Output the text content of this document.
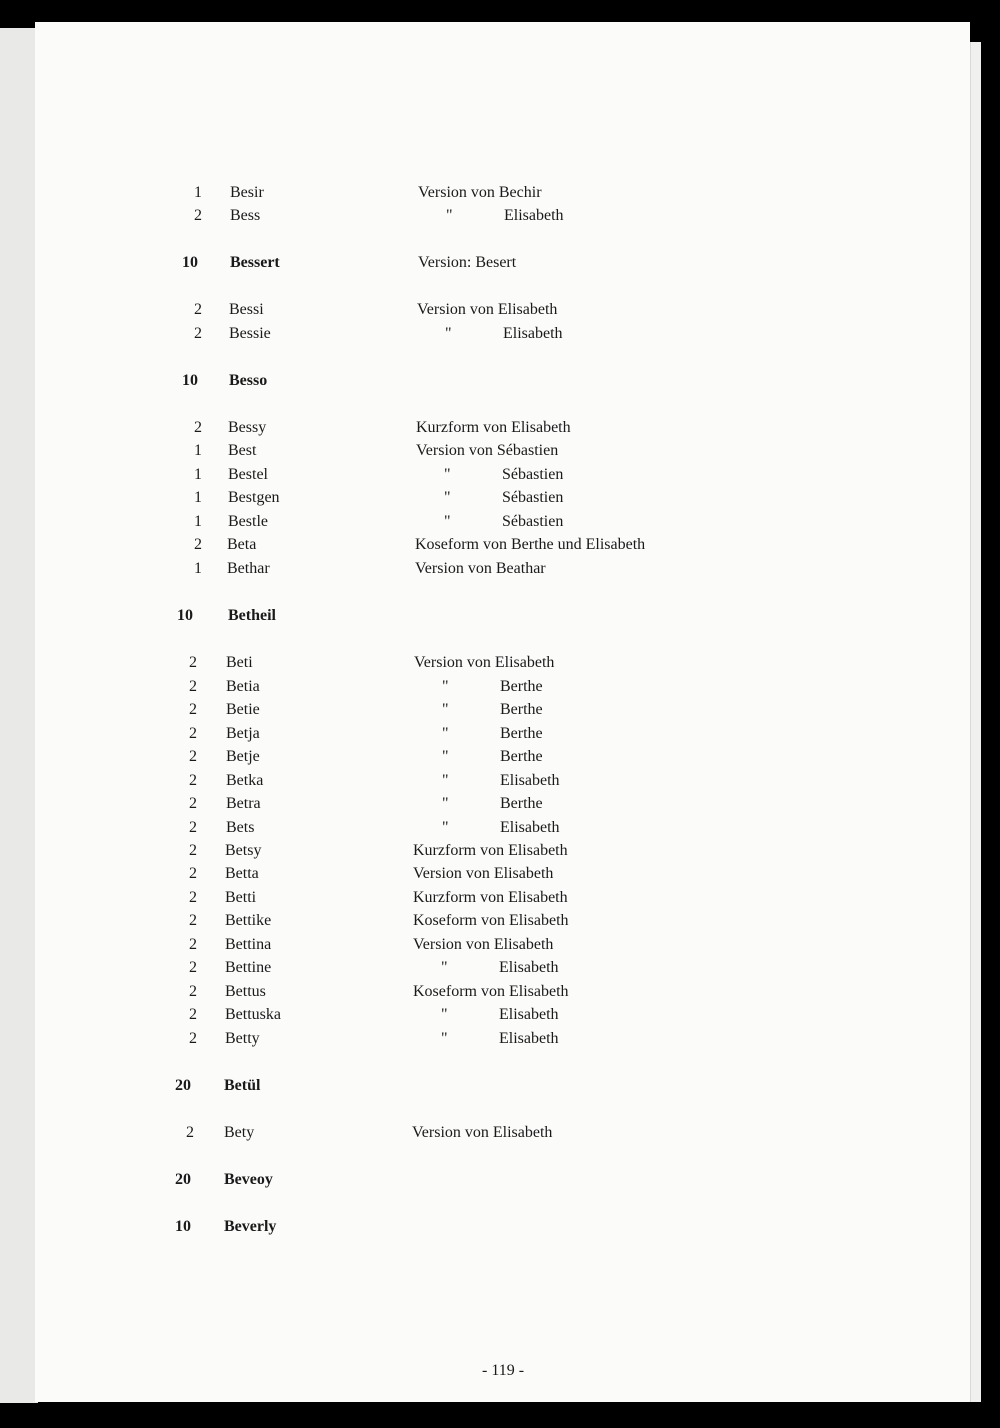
1 Besir	Version von Bechir
2 Bess	"	Elisabeth
10 Bessert	Version: Besert
2 Bessi	Version von Elisabeth
2 Bessie	"	Elisabeth
10 Besso
2 Bessy	Kurzform von Elisabeth
1 Best	Version von Sébastien
1 Bestel	"	Sébastien
1 Bestgen	"	Sébastien
1 Bestle	"	Sébastien
2 Beta	Koseform von Berthe und Elisabeth
1 Bethar	Version von Beathar
10 Betheil
2 Beti	Version von Elisabeth
2 Betia	"	Berthe
2 Betie	"	Berthe
2 Betja	"	Berthe
2 Betje	"	Berthe
2 Betka	"	Elisabeth
2 Betra	"	Berthe
2 Bets	"	Elisabeth
2 Betsy	Kurzform von Elisabeth
2 Betta	Version von Elisabeth
2 Betti	Kurzform von Elisabeth
2 Bettike	Koseform von Elisabeth
2 Bettina	Version von Elisabeth
2 Bettine	"	Elisabeth
2 Bettus	Koseform von Elisabeth
2 Bettuska	"	Elisabeth
2 Betty	"	Elisabeth
20 Betül
2 Bety	Version von Elisabeth
20 Beveoy
10 Beverly
- 119 -
